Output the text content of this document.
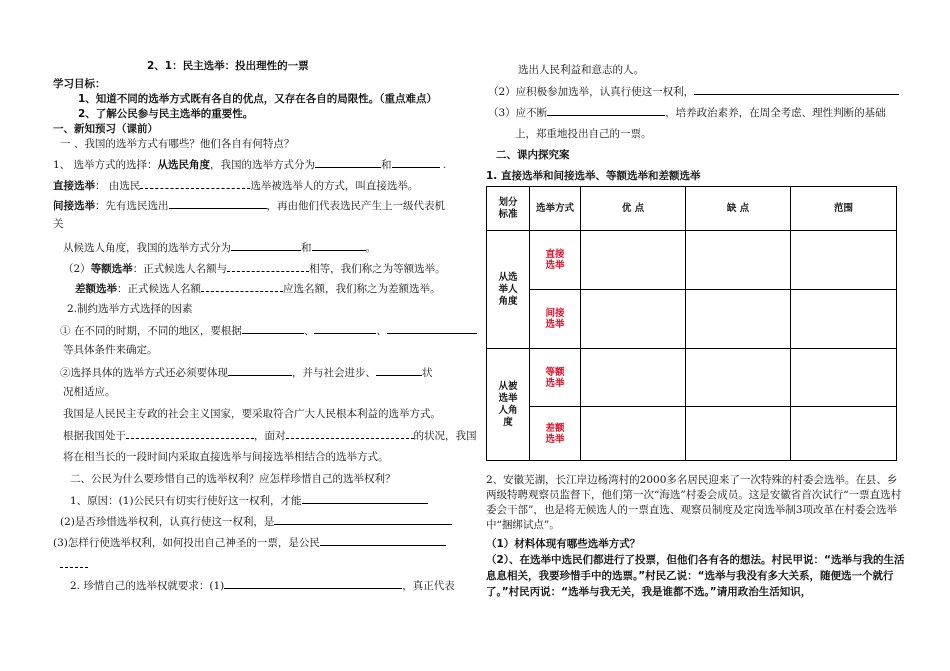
2、1：民主选举：投出理性的一票
学习目标：
1、知道不同的选举方式既有各自的优点，又存在各自的局限性。（重点难点）
2、了解公民参与民主选举的重要性。
一、新知预习（课前）
一 、我国的选举方式有哪些？他们各自有何特点？
1、 选举方式的选择：从选民角度，我国的选举方式分为	和	.
直接选举： 由选民	选举被选举人的方式，叫直接选举。
间接选举：先有选民选出	，再由他们代表选民产生上一级代表机
关
从候选人角度，我国的选举方式分为	和	。
（2）等额选举：正式候选人名额与	相等，我们称之为等额选举。
差额选举：正式候选人名额	应选名额，我们称之为差额选举。
2.制约选举方式选择的因素
① 在不同的时期，不同的地区，要根据	、	、
等具体条件来确定。
②选择具体的选举方式还必须要体现	，并与社会进步、	状
况相适应。
我国是人民民主专政的社会主义国家，要采取符合广大人民根本利益的选举方式。
根据我国处于	，面对	的状况，我国
将在相当长的一段时间内采取直接选举与间接选举相结合的选举方式。
二、公民为什么要珍惜自己的选举权利？应怎样珍惜自己的选举权利？
1、原因：(1)公民只有切实行使好这一权利，才能
(2)是否珍惜选举权利，认真行使这一权利，是
(3)怎样行使选举权利，如何投出自己神圣的一票，是公民
2. 珍惜自己的选举权就要求：(1)	，真正代表
选出人民利益和意志的人。
（2）应积极参加选举，认真行使这一权利，
（3）应不断	，培养政治素养，在周全考虑、理性判断的基础
上，郑重地投出自己的一票。
二、课内探究案
1. 直接选举和间接选举、等额选举和差额选举
划分标准	选举方式	优 点	缺 点	范围

从选举人角度	直接选举			

	间接选举			

从被选举人角度	等额选举			

	差额选举			

2、安徽芜湖，长江岸边杨湾村的2000多名居民迎来了一次特殊的村委会选举。在县、乡两级特聘观察员监督下，他们第一次“海选”村委会成员。这是安徽省首次试行“一票直选村委会干部”，也是将无候选人的一票直选、观察员制度及定岗选举制3项改革在村委会选举中“捆绑试点”。
（1）材料体现有哪些选举方式？
（2）、在选举中选民们都进行了投票，但他们各有各的想法。村民甲说：“选举与我的生活息息相关，我要珍惜手中的选票。”村民乙说：“选举与我没有多大关系，随便选一个就行了。”村民丙说：“选举与我无关，我是谁都不选。”请用政治生活知识，
